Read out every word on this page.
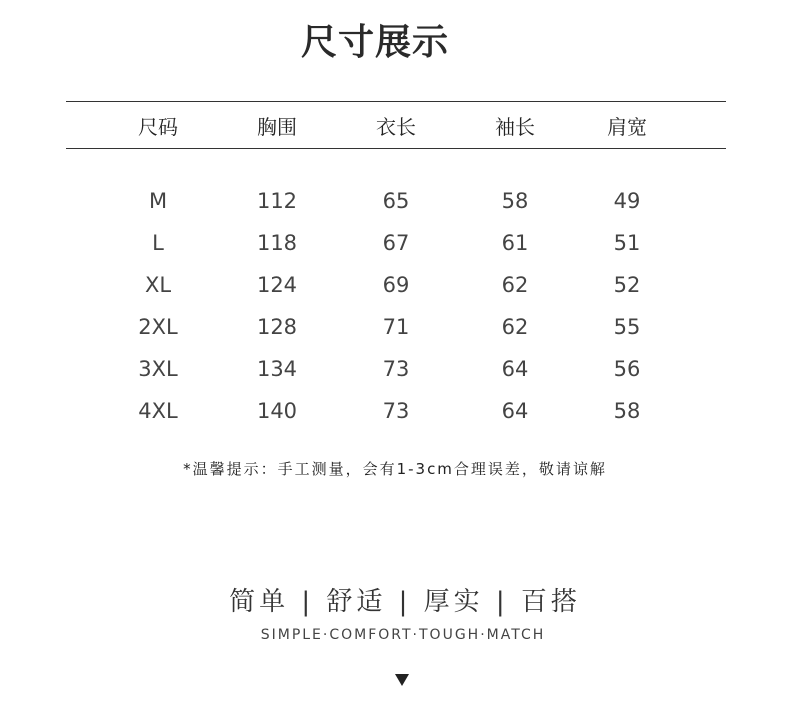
尺寸展示
尺码	胸围	衣长	袖长	肩宽
M	112	65	58	49
L	118	67	61	51
XL	124	69	62	52
2XL	128	71	62	55
3XL	134	73	64	56
4XL	140	73	64	58
*温馨提示：手工测量，会有1-3cm合理误差，敬请谅解
简单 | 舒适 | 厚实 | 百搭
SIMPLE·COMFORT·TOUGH·MATCH
